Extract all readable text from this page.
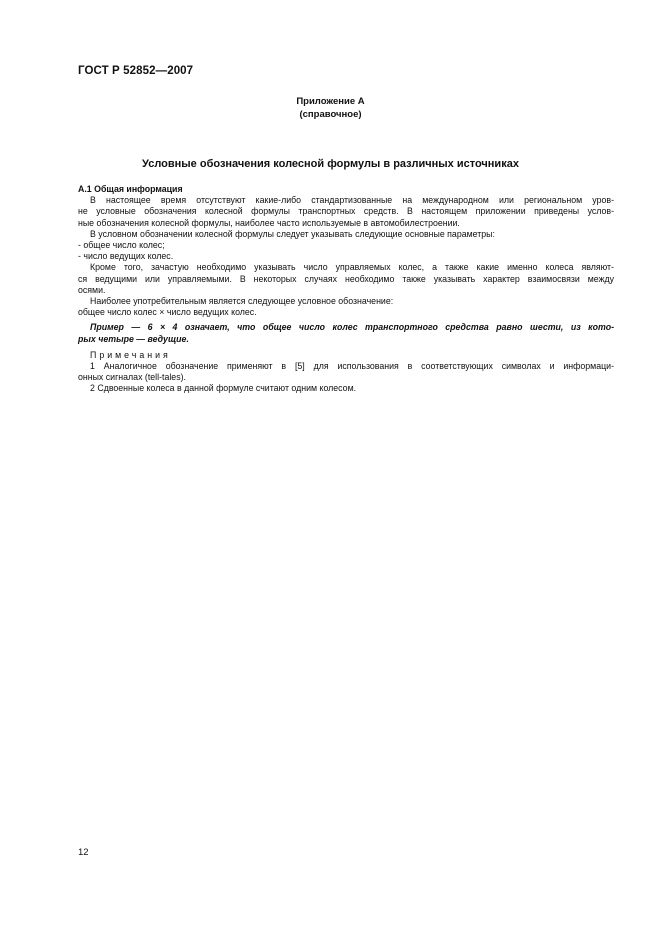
ГОСТ Р 52852—2007
Приложение А
(справочное)
Условные обозначения колесной формулы в различных источниках

А.1 Общая информация

В настоящее время отсутствуют какие-либо стандартизованные на международном или региональном уров-

не условные обозначения колесной формулы транспортных средств. В настоящем приложении приведены услов-

ные обозначения колесной формулы, наиболее часто используемые в автомобилестроении.

В условном обозначении колесной формулы следует указывать следующие основные параметры:

- общее число колес;

- число ведущих колес.

Кроме того, зачастую необходимо указывать число управляемых колес, а также какие именно колеса являют-

ся ведущими или управляемыми. В некоторых случаях необходимо также указывать характер взаимосвязи между

осями.

Наиболее употребительным является следующее условное обозначение:

общее число колес × число ведущих колес.

Пример — 6 × 4 означает, что общее число колес транспортного средства равно шести, из кото-

рых четыре — ведущие.

Примечания

1 Аналогичное обозначение применяют в [5] для использования в соответствующих символах и информаци-

онных сигналах (tell-tales).

2 Сдвоенные колеса в данной формуле считают одним колесом.

12
